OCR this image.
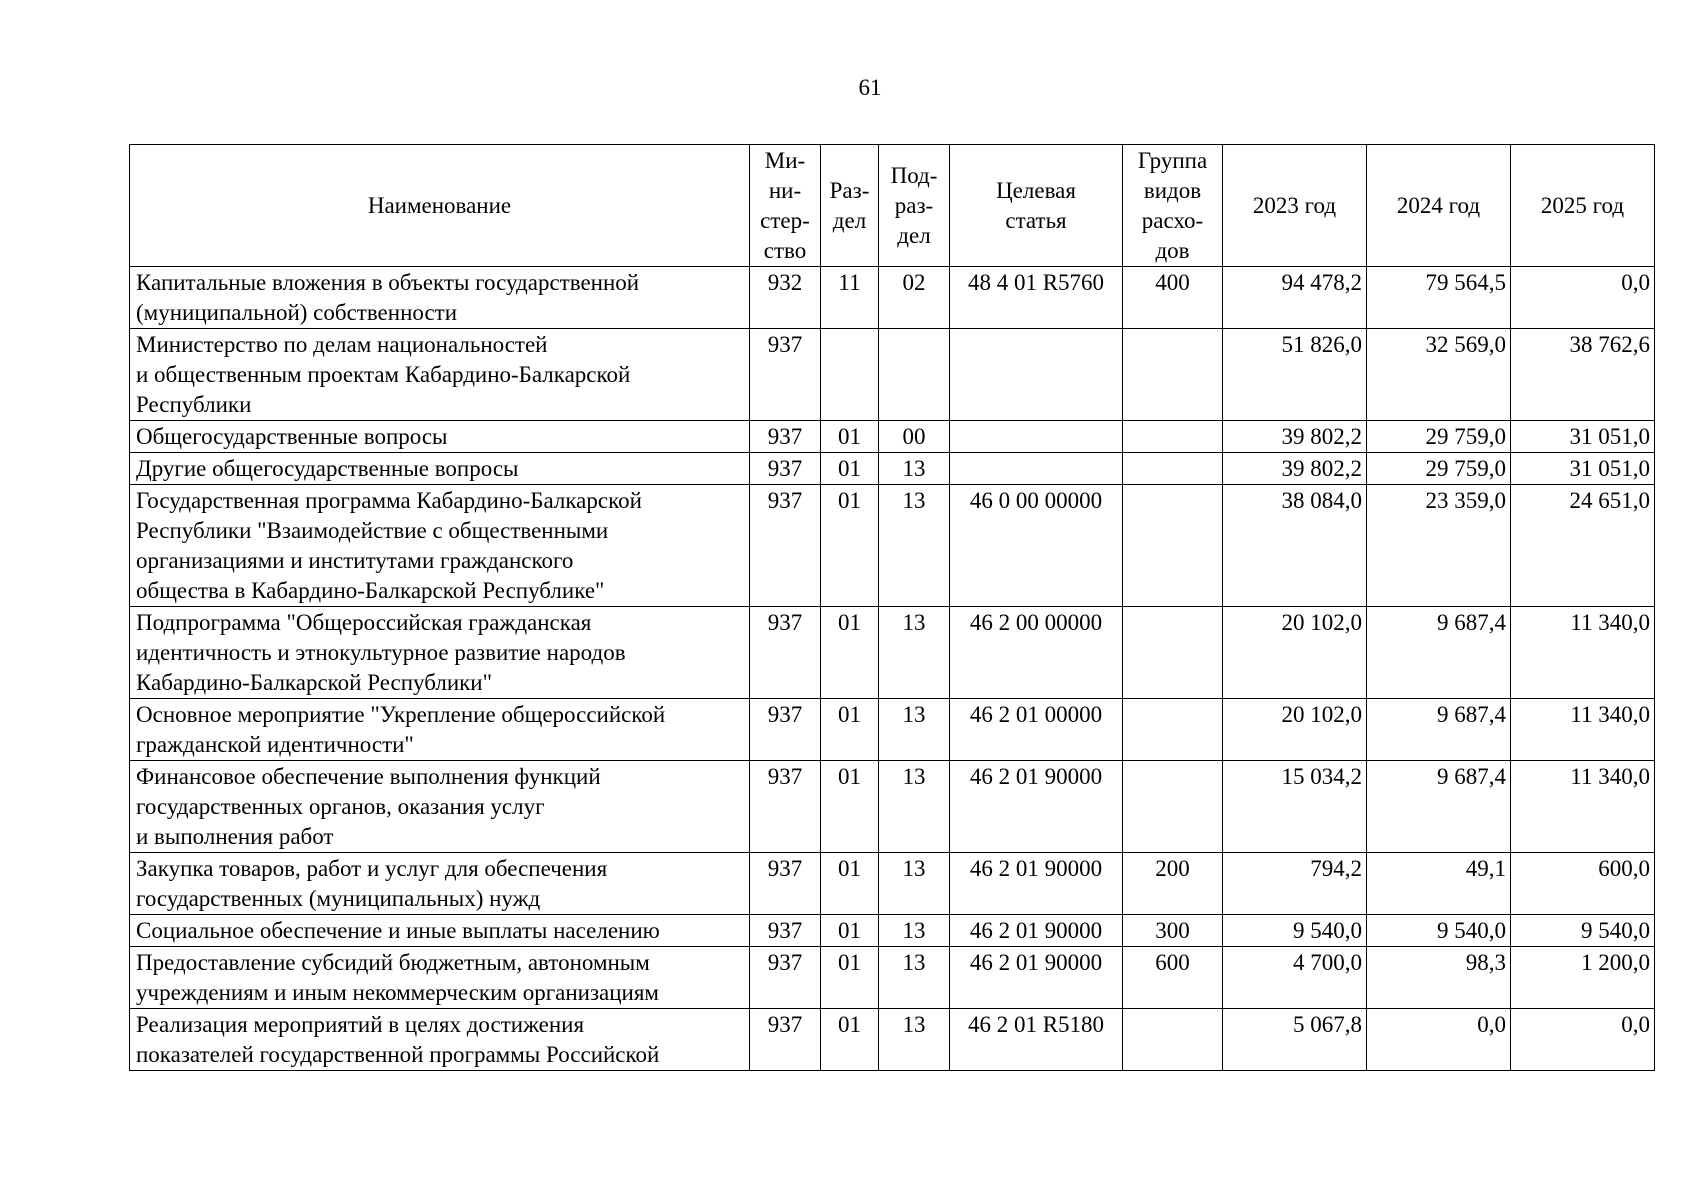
61
Наименование	Ми-
ни-
стер-
ство	Раз-
дел	Под-
раз-
дел	Целевая
статья	Группа
видов
расхо-
дов	2023 год	2024 год	2025 год
Капитальные вложения в объекты государственной
(муниципальной) собственности	932	11	02	48 4 01 R5760	400	94 478,2	79 564,5	0,0
Министерство по делам национальностей
и общественным проектам Кабардино-Балкарской
Республики	937					51 826,0	32 569,0	38 762,6
Общегосударственные вопросы	937	01	00			39 802,2	29 759,0	31 051,0
Другие общегосударственные вопросы	937	01	13			39 802,2	29 759,0	31 051,0
Государственная программа Кабардино-Балкарской
Республики "Взаимодействие с общественными
организациями и институтами гражданского
общества в Кабардино-Балкарской Республике"	937	01	13	46 0 00 00000		38 084,0	23 359,0	24 651,0
Подпрограмма "Общероссийская гражданская
идентичность и этнокультурное развитие народов
Кабардино-Балкарской Республики"	937	01	13	46 2 00 00000		20 102,0	9 687,4	11 340,0
Основное мероприятие "Укрепление общероссийской
гражданской идентичности"	937	01	13	46 2 01 00000		20 102,0	9 687,4	11 340,0
Финансовое обеспечение выполнения функций
государственных органов, оказания услуг
и выполнения работ	937	01	13	46 2 01 90000		15 034,2	9 687,4	11 340,0
Закупка товаров, работ и услуг для обеспечения
государственных (муниципальных) нужд	937	01	13	46 2 01 90000	200	794,2	49,1	600,0
Социальное обеспечение и иные выплаты населению	937	01	13	46 2 01 90000	300	9 540,0	9 540,0	9 540,0
Предоставление субсидий бюджетным, автономным
учреждениям и иным некоммерческим организациям	937	01	13	46 2 01 90000	600	4 700,0	98,3	1 200,0
Реализация мероприятий в целях достижения
показателей государственной программы Российской	937	01	13	46 2 01 R5180		5 067,8	0,0	0,0
